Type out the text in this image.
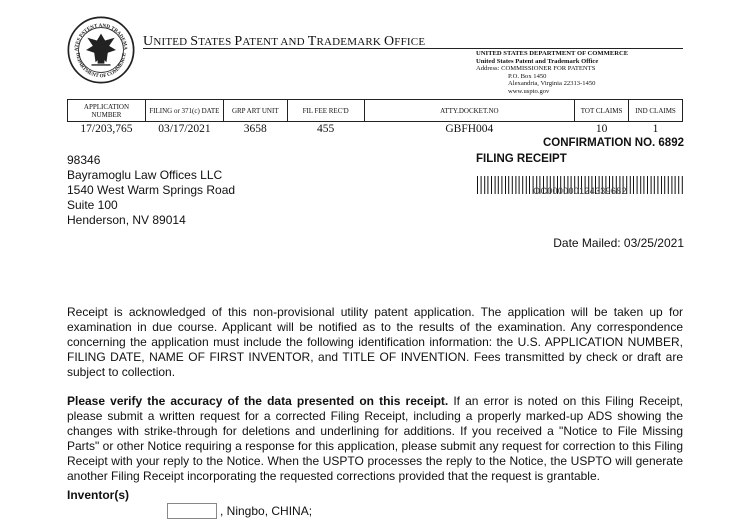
ATES PATENT AND TRADEMA
DEPARTMENT OF COMMERCE
UNITED STATES PATENT AND TRADEMARK OFFICE
UNITED STATES DEPARTMENT OF COMMERCE
United States Patent and Trademark Office
Address: COMMISSIONER FOR PATENTS
P.O. Box 1450
Alexandria, Virginia 22313-1450
www.uspto.gov
APPLICATION NUMBER	FILING or 371(c) DATE	GRP ART UNIT	FIL FEE REC'D	ATTY.DOCKET.NO	TOT CLAIMS	IND CLAIMS
17/203,765	03/17/2021	3658	455	GBFH004	10	1
CONFIRMATION NO. 6892
FILING RECEIPT
98346
Bayramoglu Law Offices LLC
1540 West Warm Springs Road
Suite 100
Henderson, NV 89014
OC000000124339682
Date Mailed: 03/25/2021
Receipt is acknowledged of this non-provisional utility patent application. The application will be taken up for examination in due course. Applicant will be notified as to the results of the examination. Any correspondence concerning the application must include the following identification information: the U.S. APPLICATION NUMBER, FILING DATE, NAME OF FIRST INVENTOR, and TITLE OF INVENTION. Fees transmitted by check or draft are subject to collection.
Please verify the accuracy of the data presented on this receipt. If an error is noted on this Filing Receipt, please submit a written request for a corrected Filing Receipt, including a properly marked-up ADS showing the changes with strike-through for deletions and underlining for additions. If you received a "Notice to File Missing Parts" or other Notice requiring a response for this application, please submit any request for correction to this Filing Receipt with your reply to the Notice. When the USPTO processes the reply to the Notice, the USPTO will generate another Filing Receipt incorporating the requested corrections provided that the request is grantable.
Inventor(s)
, Ningbo, CHINA;
